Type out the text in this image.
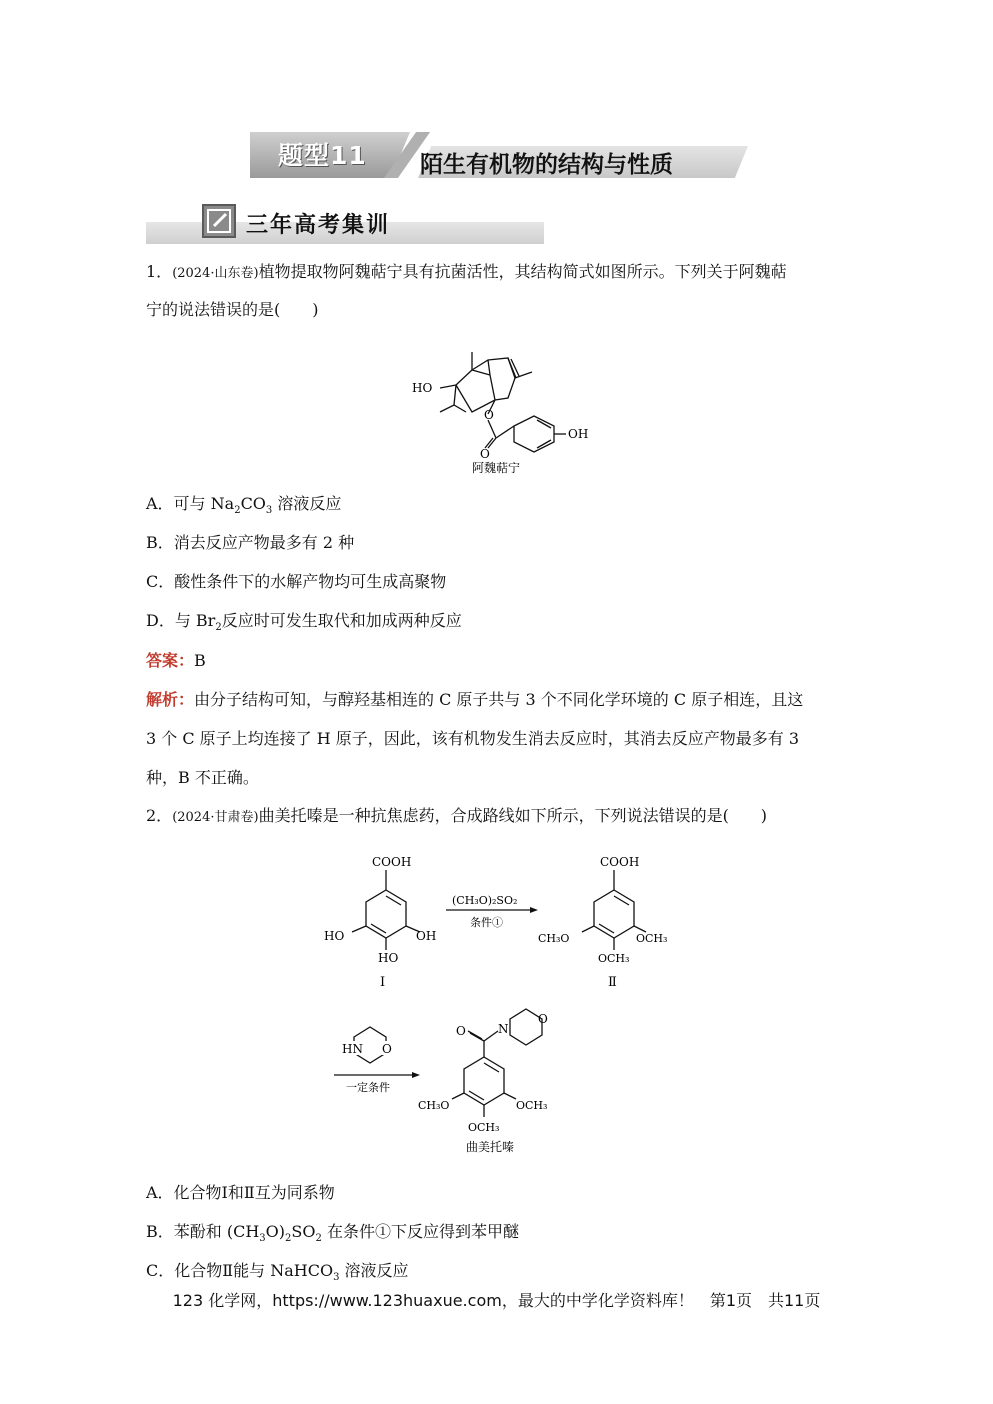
题型11 陌生有机物的结构与性质
三年高考集训
1．(2024·山东卷)植物提取物阿魏萜宁具有抗菌活性，其结构简式如图所示。下列关于阿魏萜
宁的说法错误的是(　　)
HO
O
O
OH
阿魏萜宁
A．可与 $Na_2CO_3$ 溶液反应
B．消去反应产物最多有 2 种
C．酸性条件下的水解产物均可生成高聚物
D．与 $Br_2$反应时可发生取代和加成两种反应
答案：B
解析：由分子结构可知，与醇羟基相连的 C 原子共与 3 个不同化学环境的 C 原子相连，且这
3 个 C 原子上均连接了 H 原子，因此，该有机物发生消去反应时，其消去反应产物最多有 3
种，B 不正确。
2．(2024·甘肃卷)曲美托嗪是一种抗焦虑药，合成路线如下所示，下列说法错误的是(　　)
COOH
HO	OH
HO
Ⅰ
(CH₃O)₂SO₂
条件①
COOH
CH₃O	OCH₃
OCH₃
Ⅱ
HN O
一定条件
O	N
O
CH₃O	OCH₃
OCH₃
曲美托嗪
A．化合物Ⅰ和Ⅱ互为同系物
B．苯酚和 $(CH_3O)_2SO_2$ 在条件①下反应得到苯甲醚
C．化合物Ⅱ能与 NaHCO$_3$ 溶液反应
123 化学网，https://www.123huaxue.com，最大的中学化学资料库！　第1页　共11页
